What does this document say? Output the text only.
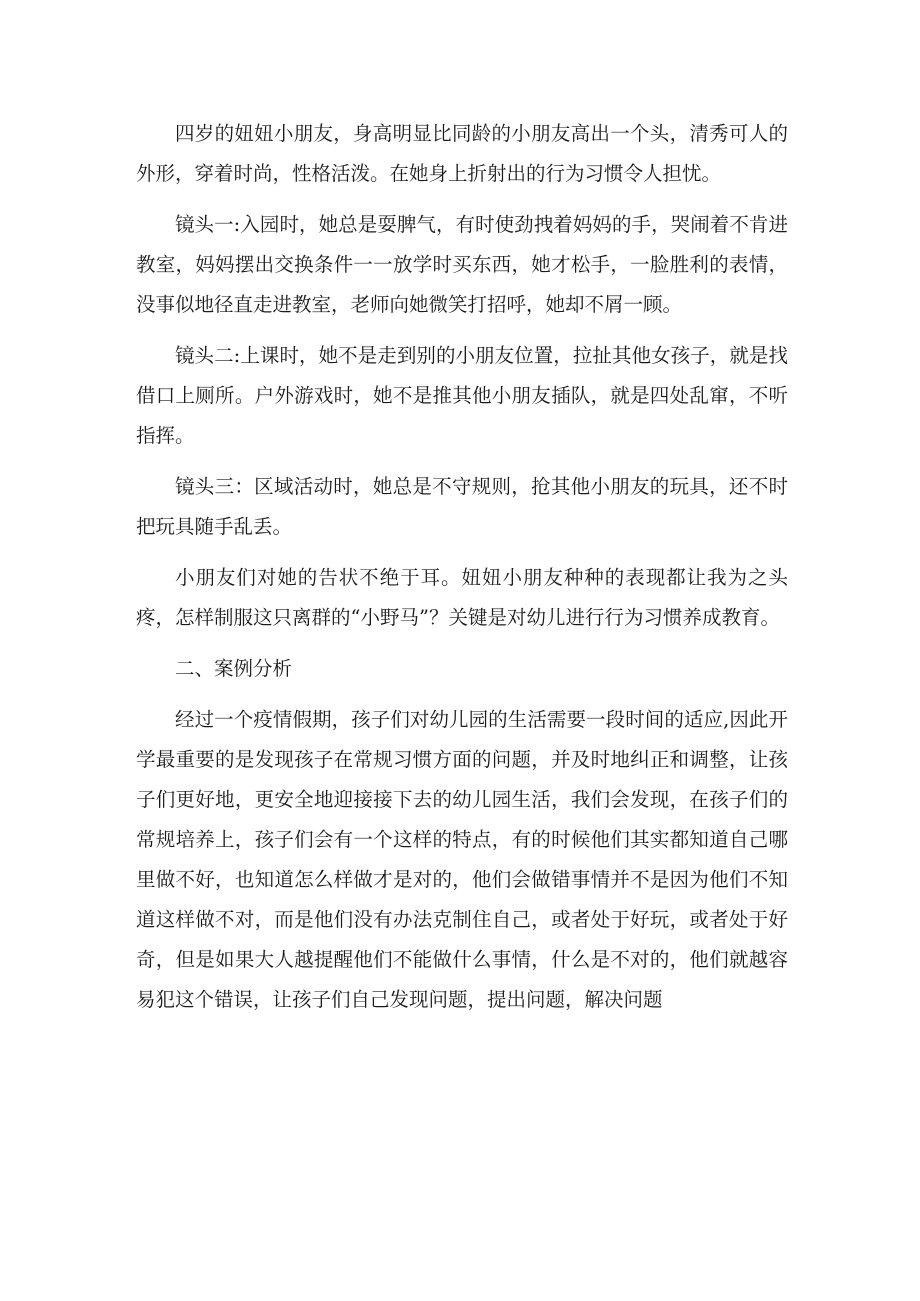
四岁的妞妞小朋友，身高明显比同龄的小朋友高出一个头，清秀可人的外形，穿着时尚，性格活泼。在她身上折射出的行为习惯令人担忧。

镜头一:入园时，她总是耍脾气，有时使劲拽着妈妈的手，哭闹着不肯进教室，妈妈摆出交换条件一一放学时买东西，她才松手，一脸胜利的表情，没事似地径直走进教室，老师向她微笑打招呼，她却不屑一顾。

镜头二:上课时，她不是走到别的小朋友位置，拉扯其他女孩子，就是找借口上厕所。户外游戏时，她不是推其他小朋友插队，就是四处乱窜，不听指挥。

镜头三：区域活动时，她总是不守规则，抢其他小朋友的玩具，还不时把玩具随手乱丢。

小朋友们对她的告状不绝于耳。妞妞小朋友种种的表现都让我为之头疼，怎样制服这只离群的“小野马”？关键是对幼儿进行行为习惯养成教育。

二、案例分析

经过一个疫情假期，孩子们对幼儿园的生活需要一段时间的适应,因此开学最重要的是发现孩子在常规习惯方面的问题，并及时地纠正和调整，让孩子们更好地，更安全地迎接接下去的幼儿园生活，我们会发现，在孩子们的常规培养上，孩子们会有一个这样的特点，有的时候他们其实都知道自己哪里做不好，也知道怎么样做才是对的，他们会做错事情并不是因为他们不知道这样做不对，而是他们没有办法克制住自己，或者处于好玩，或者处于好奇，但是如果大人越提醒他们不能做什么事情，什么是不对的，他们就越容易犯这个错误，让孩子们自己发现问题，提出问题，解决问题
